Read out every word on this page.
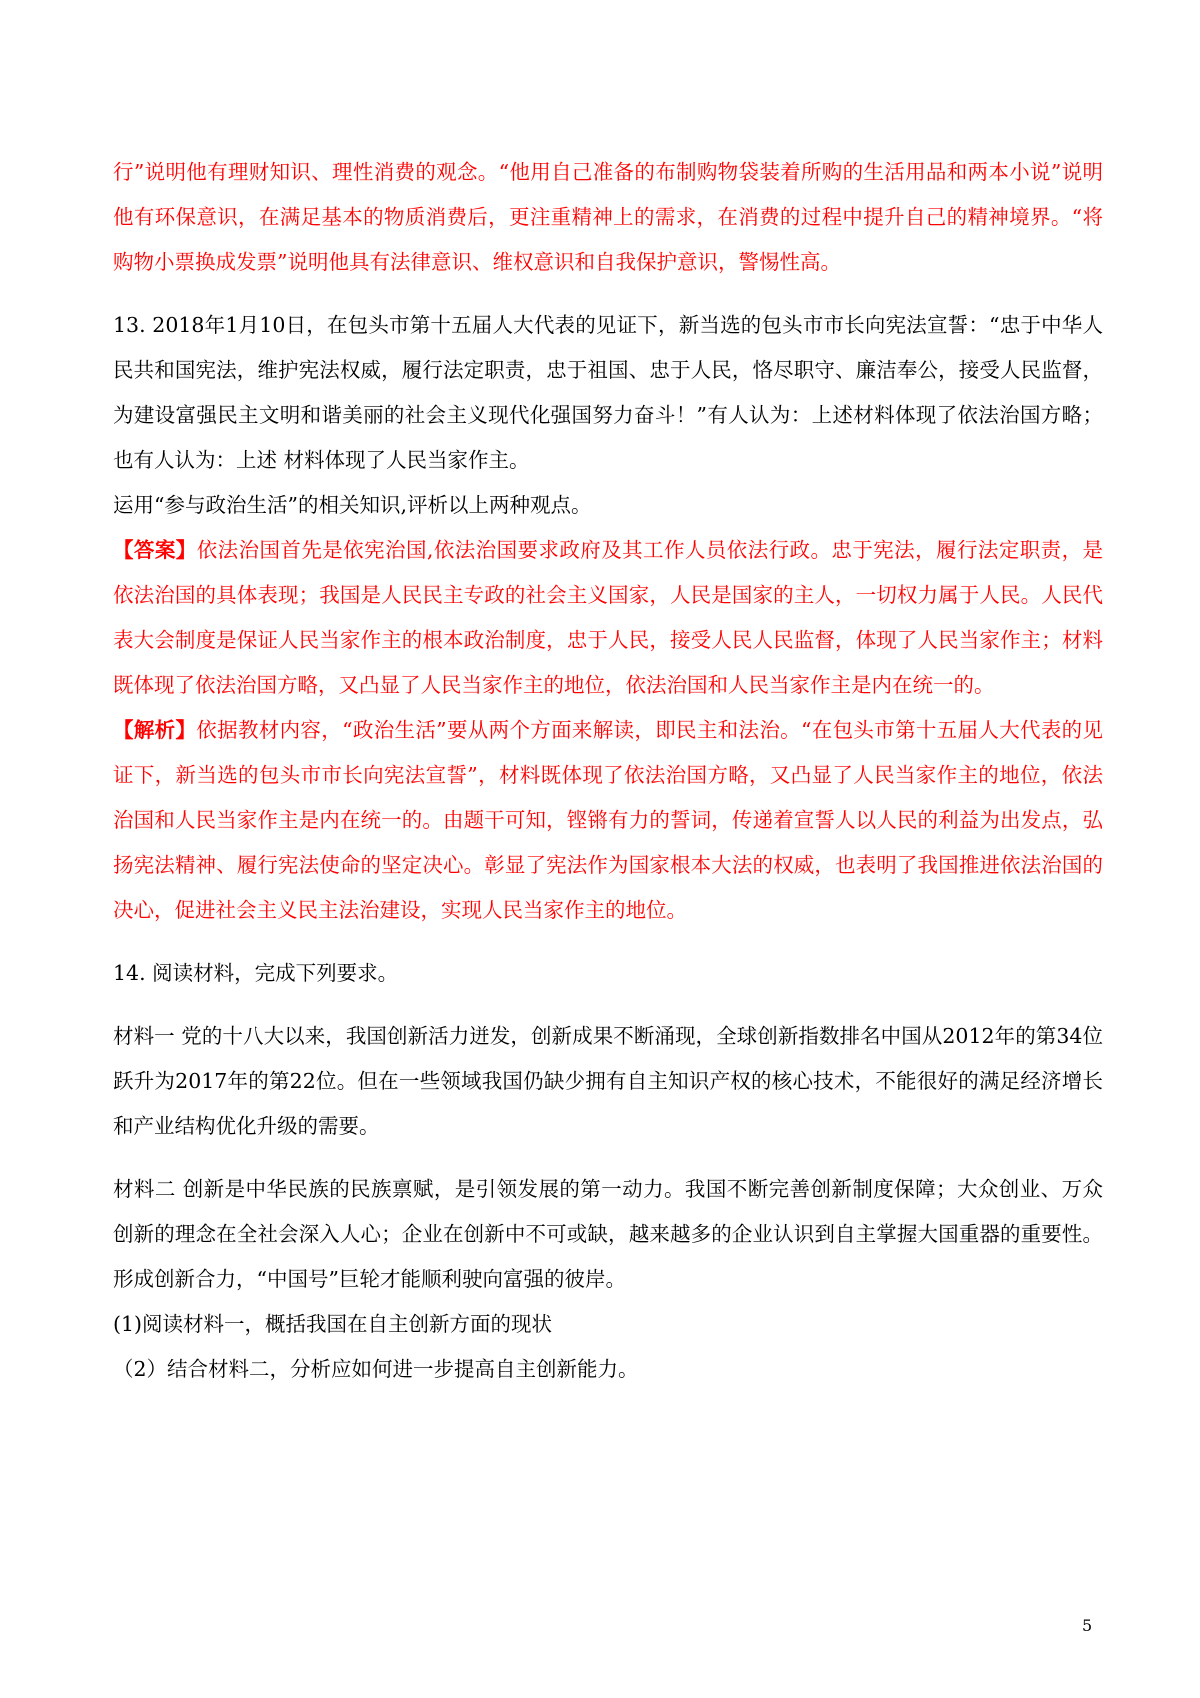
行”说明他有理财知识、理性消费的观念。“他用自己准备的布制购物袋装着所购的生活用品和两本小说”说明他有环保意识，在满足基本的物质消费后，更注重精神上的需求，在消费的过程中提升自己的精神境界。“将购物小票换成发票”说明他具有法律意识、维权意识和自我保护意识，警惕性高。

13. 2018年1月10日，在包头市第十五届人大代表的见证下，新当选的包头市市长向宪法宣誓：“忠于中华人民共和国宪法，维护宪法权威，履行法定职责，忠于祖国、忠于人民，恪尽职守、廉洁奉公，接受人民监督，为建设富强民主文明和谐美丽的社会主义现代化强国努力奋斗！”有人认为：上述材料体现了依法治国方略；也有人认为：上述 材料体现了人民当家作主。

运用“参与政治生活”的相关知识,评析以上两种观点。

【答案】依法治国首先是依宪治国,依法治国要求政府及其工作人员依法行政。忠于宪法，履行法定职责，是依法治国的具体表现；我国是人民民主专政的社会主义国家，人民是国家的主人，一切权力属于人民。人民代表大会制度是保证人民当家作主的根本政治制度，忠于人民，接受人民人民监督，体现了人民当家作主；材料既体现了依法治国方略，又凸显了人民当家作主的地位，依法治国和人民当家作主是内在统一的。

【解析】依据教材内容，“政治生活”要从两个方面来解读，即民主和法治。“在包头市第十五届人大代表的见证下，新当选的包头市市长向宪法宣誓”，材料既体现了依法治国方略，又凸显了人民当家作主的地位，依法治国和人民当家作主是内在统一的。由题干可知，铿锵有力的誓词，传递着宣誓人以人民的利益为出发点，弘扬宪法精神、履行宪法使命的坚定决心。彰显了宪法作为国家根本大法的权威，也表明了我国推进依法治国的决心，促进社会主义民主法治建设，实现人民当家作主的地位。

14. 阅读材料，完成下列要求。

材料一 党的十八大以来，我国创新活力迸发，创新成果不断涌现，全球创新指数排名中国从2012年的第34位跃升为2017年的第22位。但在一些领域我国仍缺少拥有自主知识产权的核心技术，不能很好的满足经济增长和产业结构优化升级的需要。

材料二 创新是中华民族的民族禀赋，是引领发展的第一动力。我国不断完善创新制度保障；大众创业、万众创新的理念在全社会深入人心；企业在创新中不可或缺，越来越多的企业认识到自主掌握大国重器的重要性。形成创新合力，“中国号”巨轮才能顺利驶向富强的彼岸。

(1)阅读材料一，概括我国在自主创新方面的现状

（2）结合材料二，分析应如何进一步提高自主创新能力。

5
